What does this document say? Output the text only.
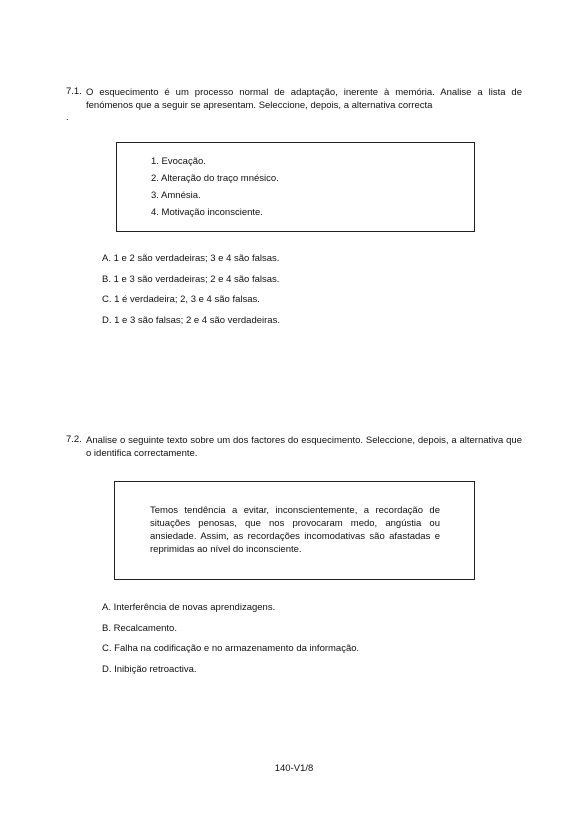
7.1. O esquecimento é um processo normal de adaptação, inerente à memória. Analise a lista de fenómenos que a seguir se apresentam. Seleccione, depois, a alternativa correcta

.
1. Evocação.
2. Alteração do traço mnésico.
3. Amnésia.
4. Motivação inconsciente.
A. 1 e 2 são verdadeiras; 3 e 4 são falsas.
B. 1 e 3 são verdadeiras; 2 e 4 são falsas.
C. 1 é verdadeira; 2, 3 e 4 são falsas.
D. 1 e 3 são falsas; 2 e 4 são verdadeiras.
7.2. Analise o seguinte texto sobre um dos factores do esquecimento. Seleccione, depois, a alternativa que o identifica correctamente.

Temos tendência a evitar, inconscientemente, a recordação de situações penosas, que nos provocaram medo, angústia ou ansiedade. Assim, as recordações incomodativas são afastadas e reprimidas ao nível do inconsciente.
A. Interferência de novas aprendizagens.
B. Recalcamento.
C. Falha na codificação e no armazenamento da informação.
D. Inibição retroactiva.
140-V1/8
